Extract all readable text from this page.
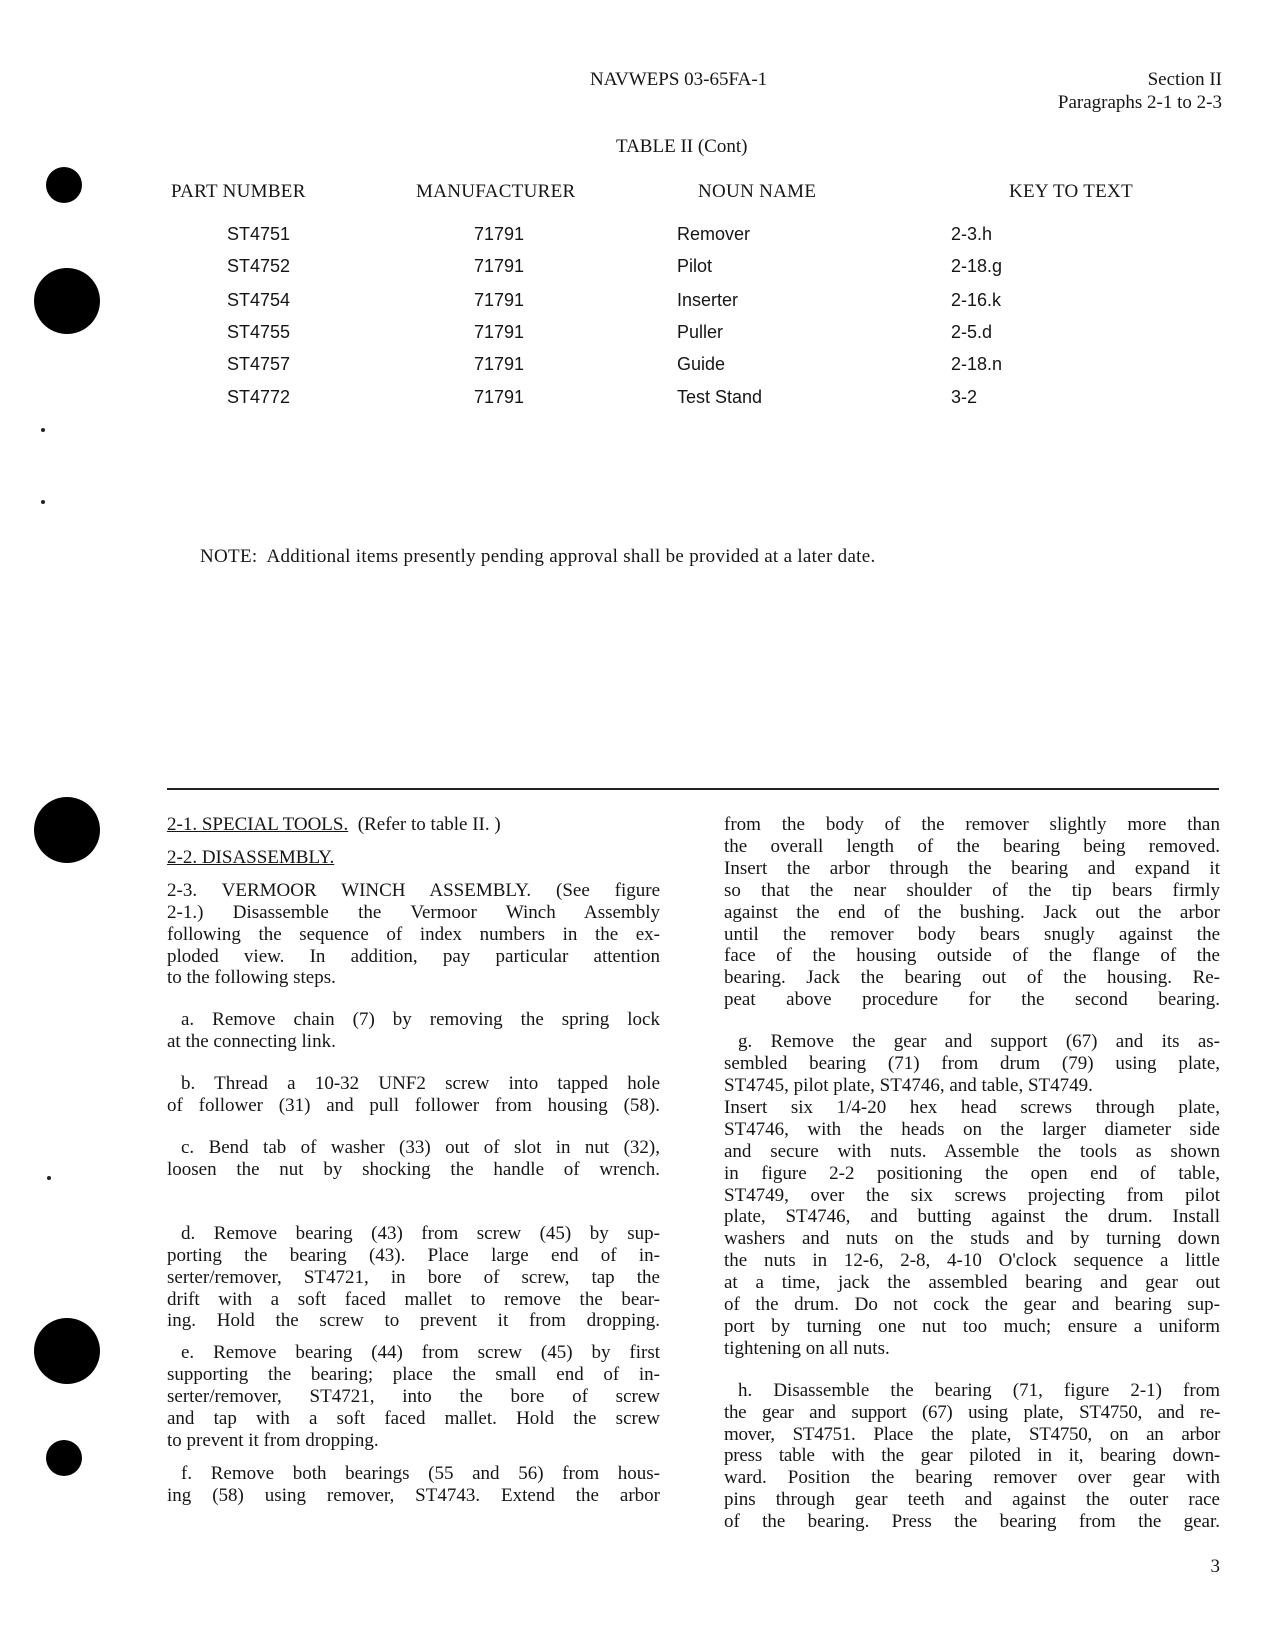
NAVWEPS 03-65FA-1	Section II
Paragraphs 2-1 to 2-3
TABLE II (Cont)
PART NUMBER	MANUFACTURER	NOUN NAME	KEY TO TEXT
ST4751	71791	Remover	2-3.h
ST4752	71791	Pilot	2-18.g
ST4754	71791	Inserter	2-16.k
ST4755	71791	Puller	2-5.d
ST4757	71791	Guide	2-18.n
ST4772	71791	Test Stand	3-2
NOTE:  Additional items presently pending approval shall be provided at a later date.

2-1. SPECIAL TOOLS. (Refer to table II. )

2-2. DISASSEMBLY.

2-3. VERMOOR WINCH ASSEMBLY. (See figure

2-1.) Disassemble the Vermoor Winch Assembly

following the sequence of index numbers in the ex-

ploded view. In addition, pay particular attention

to the following steps.

a. Remove chain (7) by removing the spring lock

at the connecting link.

b. Thread a 10-32 UNF2 screw into tapped hole

of follower (31) and pull follower from housing (58).

c. Bend tab of washer (33) out of slot in nut (32),

loosen the nut by shocking the handle of wrench.

d. Remove bearing (43) from screw (45) by sup-

porting the bearing (43). Place large end of in-

serter/remover, ST4721, in bore of screw, tap the

drift with a soft faced mallet to remove the bear-

ing. Hold the screw to prevent it from dropping.

e. Remove bearing (44) from screw (45) by first

supporting the bearing; place the small end of in-

serter/remover, ST4721, into the bore of screw

and tap with a soft faced mallet. Hold the screw

to prevent it from dropping.

f. Remove both bearings (55 and 56) from hous-

ing (58) using remover, ST4743. Extend the arbor

from the body of the remover slightly more than

the overall length of the bearing being removed.

Insert the arbor through the bearing and expand it

so that the near shoulder of the tip bears firmly

against the end of the bushing. Jack out the arbor

until the remover body bears snugly against the

face of the housing outside of the flange of the

bearing. Jack the bearing out of the housing. Re-

peat above procedure for the second bearing.

g. Remove the gear and support (67) and its as-

sembled bearing (71) from drum (79) using plate,

ST4745, pilot plate, ST4746, and table, ST4749.

Insert six 1/4-20 hex head screws through plate,

ST4746, with the heads on the larger diameter side

and secure with nuts. Assemble the tools as shown

in figure 2-2 positioning the open end of table,

ST4749, over the six screws projecting from pilot

plate, ST4746, and butting against the drum. Install

washers and nuts on the studs and by turning down

the nuts in 12-6, 2-8, 4-10 O'clock sequence a little

at a time, jack the assembled bearing and gear out

of the drum. Do not cock the gear and bearing sup-

port by turning one nut too much; ensure a uniform

tightening on all nuts.

h. Disassemble the bearing (71, figure 2-1) from

the gear and support (67) using plate, ST4750, and re-

mover, ST4751. Place the plate, ST4750, on an arbor

press table with the gear piloted in it, bearing down-

ward. Position the bearing remover over gear with

pins through gear teeth and against the outer race

of the bearing. Press the bearing from the gear.

3
